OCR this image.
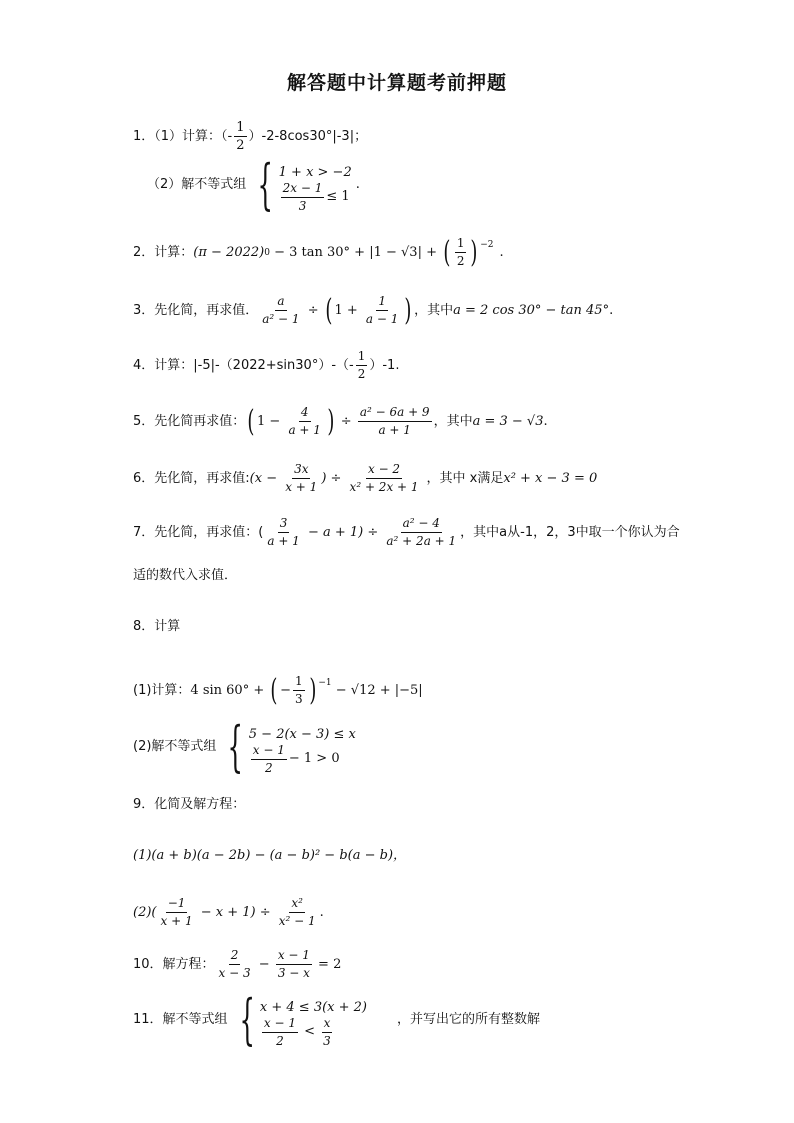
解答题中计算题考前押题
1．（1）计算：（- $\frac{1}{2} )-2-8\cos 30^\circ|-3|$；
（2）解不等式组 { 1 + x > −2
$\frac{2x - 1}{3} \le 1$
.
2．计算： (π − 2022) 0 − 3 tan 30° + |1 − √3| + ( $\frac{1}{2}$ ) −2 .
3．先化简，再求值． $\frac{a}{\text{a² − 1}}$ ÷ ( $1 + \frac{1}{a - 1}$ ) ，其中 a = 2 cos 30° − tan 45° .
4．计算：$|-5|-(2022+\sin 30^\circ)-(- \frac{1}{2} )-1$.
5．先化简再求值： ( $1 - \frac{4}{a + 1}$ ) ÷ $\frac{\text{a² − 6a + 9}}{a + 1}$ ，其中 a = 3 − √3 .
6．先化简，再求值: ($x - \frac{3x}{x + 1}$ ) ÷ $\frac{x - 2}{\text{x² + 2x + 1}}$ ，其中 x满足 x² + x − 3 = 0
7．先化简，再求值：( $\frac{3}{a + 1} - a + 1) \div \frac{\text{a² − 4}}{\text{a² + 2a + 1}}$ ，其中a从-1，2，3中取一个你认为合
适的数代入求值．
8．计算
(1)计算： 4 sin 60° + ( − $\frac{1}{3}$ ) −1 − √12 + |−5|
(2)解不等式组 { 5 − 2(x − 3) ≤ x
$\frac{x - 1}{2} - 1 > 0$
9．化简及解方程：
(1)(a + b)(a − 2b) − (a − b)² − b(a − b)，
$(2)( \frac{-1}{x + 1} - x + 1) \div \frac{\text{x²}}{\text{x² − 1}}$ .
10．解方程： $\frac{2}{x - 3} - \frac{x - 1}{3 - x} = 2$
11．解不等式组 { x + 4 ≤ 3(x + 2)
$\frac{x - 1}{2} < \frac{x}{3}$	，并写出它的所有整数解
